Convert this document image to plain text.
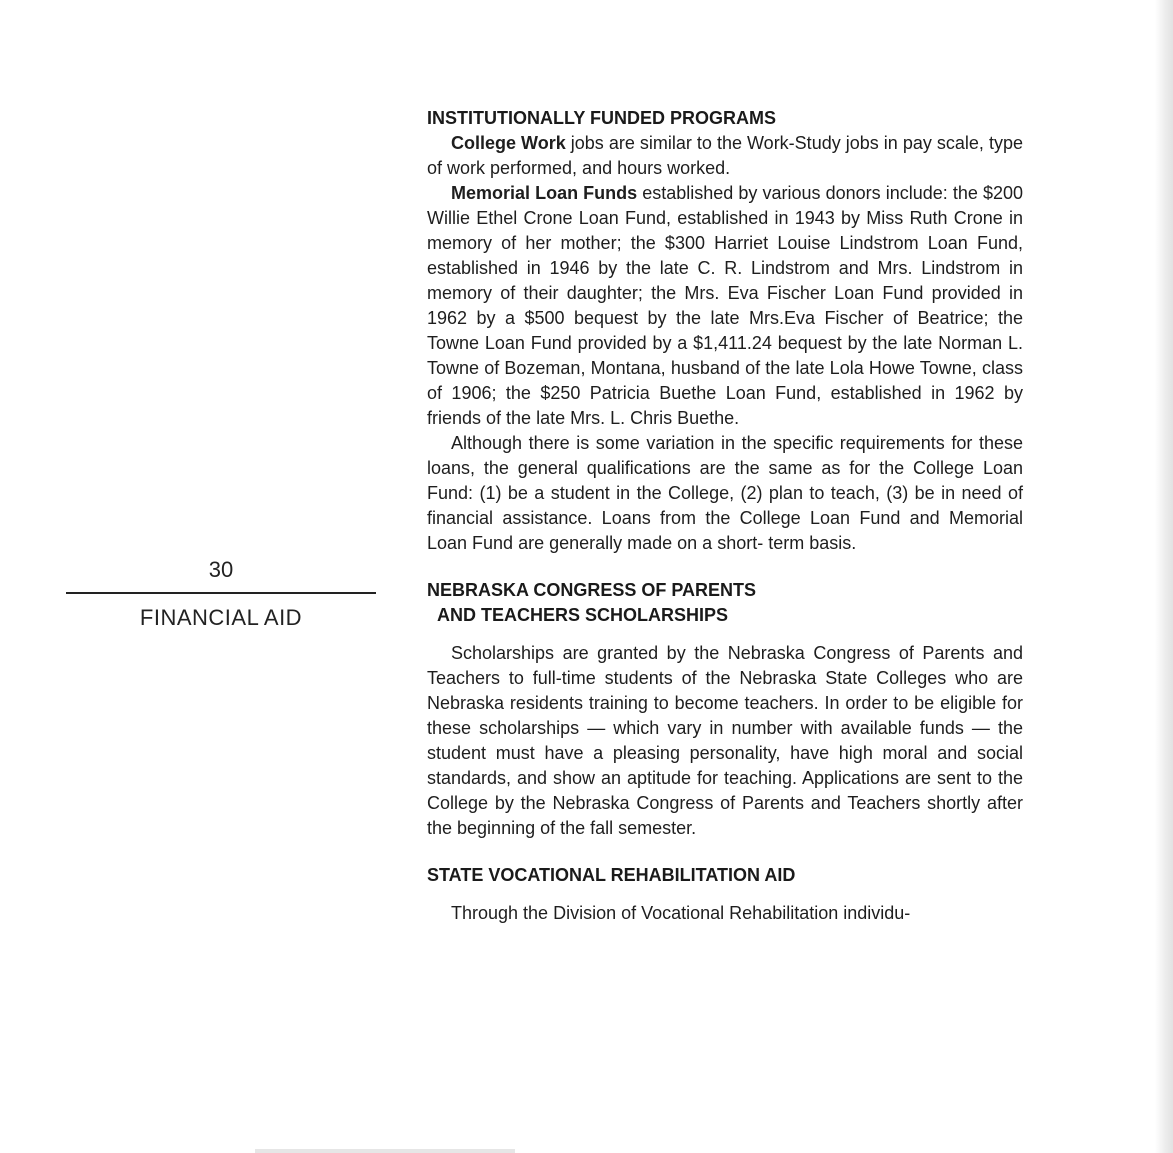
30
FINANCIAL AID
INSTITUTIONALLY FUNDED PROGRAMS

College Work jobs are similar to the Work-Study jobs in pay scale, type of work performed, and hours worked.

Memorial Loan Funds established by various donors include: the $200 Willie Ethel Crone Loan Fund, established in 1943 by Miss Ruth Crone in memory of her mother; the $300 Harriet Louise Lindstrom Loan Fund, established in 1946 by the late C. R. Lindstrom and Mrs. Lindstrom in memory of their daughter; the Mrs. Eva Fischer Loan Fund provided in 1962 by a $500 bequest by the late Mrs.Eva Fischer of Beatrice; the Towne Loan Fund provided by a $1,411.24 bequest by the late Norman L. Towne of Bozeman, Montana, husband of the late Lola Howe Towne, class of 1906; the $250 Patricia Buethe Loan Fund, established in 1962 by friends of the late Mrs. L. Chris Buethe.

Although there is some variation in the specific requirements for these loans, the general qualifications are the same as for the College Loan Fund: (1) be a student in the College, (2) plan to teach, (3) be in need of financial assistance. Loans from the College Loan Fund and Memorial Loan Fund are generally made on a short- term basis.

NEBRASKA CONGRESS OF PARENTS
AND TEACHERS SCHOLARSHIPS

Scholarships are granted by the Nebraska Congress of Parents and Teachers to full-time students of the Nebraska State Colleges who are Nebraska residents training to become teachers. In order to be eligible for these scholarships — which vary in number with available funds — the student must have a pleasing personality, have high moral and social standards, and show an aptitude for teaching. Applications are sent to the College by the Nebraska Congress of Parents and Teachers shortly after the beginning of the fall semester.

STATE VOCATIONAL REHABILITATION AID

Through the Division of Vocational Rehabilitation individu-
